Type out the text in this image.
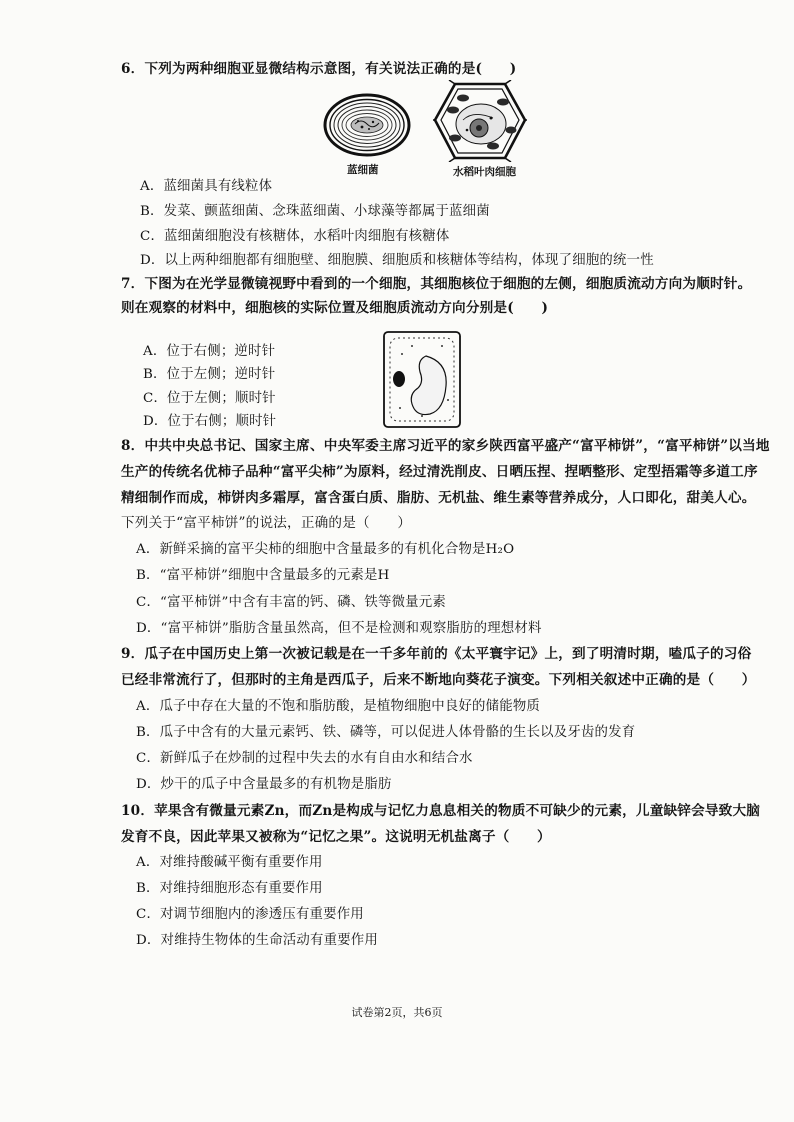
6．下列为两种细胞亚显微结构示意图，有关说法正确的是(　　)
蓝细菌	水稻叶肉细胞
A．蓝细菌具有线粒体
B．发菜、颤蓝细菌、念珠蓝细菌、小球藻等都属于蓝细菌
C．蓝细菌细胞没有核糖体，水稻叶肉细胞有核糖体
D．以上两种细胞都有细胞壁、细胞膜、细胞质和核糖体等结构，体现了细胞的统一性
7．下图为在光学显微镜视野中看到的一个细胞，其细胞核位于细胞的左侧，细胞质流动方向为顺时针。
则在观察的材料中，细胞核的实际位置及细胞质流动方向分别是(　　)
A．位于右侧；逆时针
B．位于左侧；逆时针
C．位于左侧；顺时针
D．位于右侧；顺时针
8．中共中央总书记、国家主席、中央军委主席习近平的家乡陕西富平盛产“富平柿饼”，“富平柿饼”以当地
生产的传统名优柿子品种“富平尖柿”为原料，经过清洗削皮、日晒压捏、捏晒整形、定型捂霜等多道工序
精细制作而成，柿饼肉多霜厚，富含蛋白质、脂肪、无机盐、维生素等营养成分，人口即化，甜美人心。
下列关于“富平柿饼”的说法，正确的是（　　）
A．新鲜采摘的富平尖柿的细胞中含量最多的有机化合物是H₂O
B．“富平柿饼”细胞中含量最多的元素是H
C．“富平柿饼”中含有丰富的钙、磷、铁等微量元素
D．“富平柿饼”脂肪含量虽然高，但不是检测和观察脂肪的理想材料
9．瓜子在中国历史上第一次被记载是在一千多年前的《太平寰宇记》上，到了明清时期，嗑瓜子的习俗
已经非常流行了，但那时的主角是西瓜子，后来不断地向葵花子演变。下列相关叙述中正确的是（　　）
A．瓜子中存在大量的不饱和脂肪酸，是植物细胞中良好的储能物质
B．瓜子中含有的大量元素钙、铁、磷等，可以促进人体骨骼的生长以及牙齿的发育
C．新鲜瓜子在炒制的过程中失去的水有自由水和结合水
D．炒干的瓜子中含量最多的有机物是脂肪
10．苹果含有微量元素Zn，而Zn是构成与记忆力息息相关的物质不可缺少的元素，儿童缺锌会导致大脑
发育不良，因此苹果又被称为“记忆之果”。这说明无机盐离子（　　）
A．对维持酸碱平衡有重要作用
B．对维持细胞形态有重要作用
C．对调节细胞内的渗透压有重要作用
D．对维持生物体的生命活动有重要作用
试卷第2页，共6页
